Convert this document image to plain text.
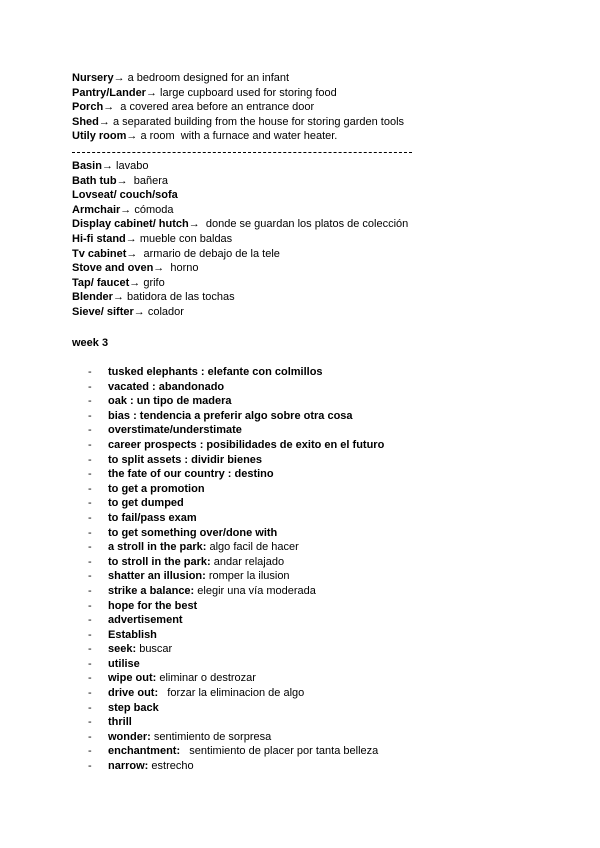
Nursery→ a bedroom designed for an infant
Pantry/Lander→ large cupboard used for storing food
Porch→  a covered area before an entrance door
Shed→ a separated building from the house for storing garden tools
Utily room→ a room  with a furnace and water heater.
Basin→ lavabo
Bath tub→  bañera
Lovseat/ couch/sofa
Armchair→ cómoda
Display cabinet/ hutch→  donde se guardan los platos de colección
Hi-fi stand→ mueble con baldas
Tv cabinet→  armario de debajo de la tele
Stove and oven→  horno
Tap/ faucet→ grifo
Blender→ batidora de las tochas
Sieve/ sifter→ colador
week 3
- tusked elephants : elefante con colmillos
- vacated : abandonado
- oak : un tipo de madera
- bias : tendencia a preferir algo sobre otra cosa
- overstimate/understimate
- career prospects : posibilidades de exito en el futuro
- to split assets : dividir bienes
- the fate of our country : destino
- to get a promotion
- to get dumped
- to fail/pass exam
- to get something over/done with
- a stroll in the park: algo facil de hacer
- to stroll in the park: andar relajado
- shatter an illusion: romper la ilusion
- strike a balance: elegir una vía moderada
- hope for the best
- advertisement
- Establish
- seek: buscar
- utilise
- wipe out: eliminar o destrozar
- drive out:   forzar la eliminacion de algo
- step back
- thrill
- wonder: sentimiento de sorpresa
- enchantment:   sentimiento de placer por tanta belleza
- narrow: estrecho
